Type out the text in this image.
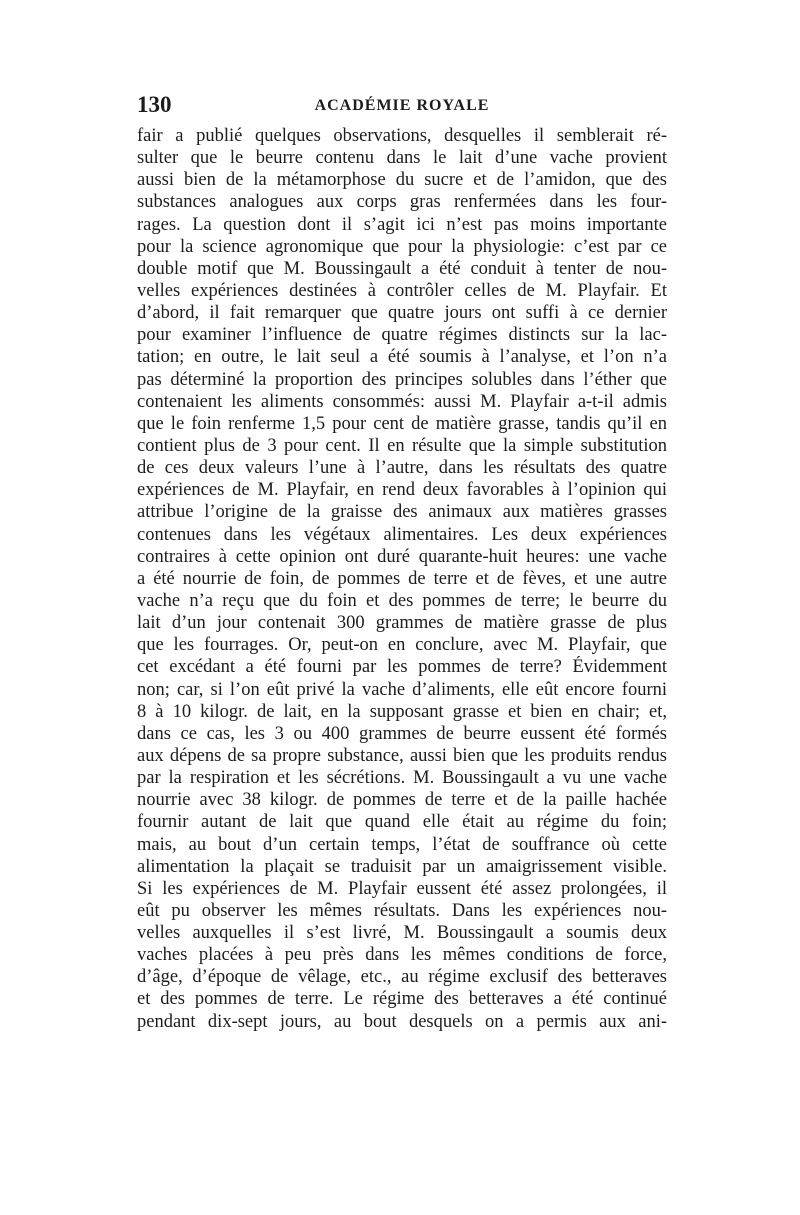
130	ACADÉMIE ROYALE
fair a publié quelques observations, desquelles il semblerait ré-
sulter que le beurre contenu dans le lait d’une vache provient
aussi bien de la métamorphose du sucre et de l’amidon, que des
substances analogues aux corps gras renfermées dans les four-
rages. La question dont il s’agit ici n’est pas moins importante
pour la science agronomique que pour la physiologie: c’est par ce
double motif que M. Boussingault a été conduit à tenter de nou-
velles expériences destinées à contrôler celles de M. Playfair. Et
d’abord, il fait remarquer que quatre jours ont suffi à ce dernier
pour examiner l’influence de quatre régimes distincts sur la lac-
tation; en outre, le lait seul a été soumis à l’analyse, et l’on n’a
pas déterminé la proportion des principes solubles dans l’éther que
contenaient les aliments consommés: aussi M. Playfair a-t-il admis
que le foin renferme 1,5 pour cent de matière grasse, tandis qu’il en
contient plus de 3 pour cent. Il en résulte que la simple substitution
de ces deux valeurs l’une à l’autre, dans les résultats des quatre
expériences de M. Playfair, en rend deux favorables à l’opinion qui
attribue l’origine de la graisse des animaux aux matières grasses
contenues dans les végétaux alimentaires. Les deux expériences
contraires à cette opinion ont duré quarante-huit heures: une vache
a été nourrie de foin, de pommes de terre et de fèves, et une autre
vache n’a reçu que du foin et des pommes de terre; le beurre du
lait d’un jour contenait 300 grammes de matière grasse de plus
que les fourrages. Or, peut-on en conclure, avec M. Playfair, que
cet excédant a été fourni par les pommes de terre? Évidemment
non; car, si l’on eût privé la vache d’aliments, elle eût encore fourni
8 à 10 kilogr. de lait, en la supposant grasse et bien en chair; et,
dans ce cas, les 3 ou 400 grammes de beurre eussent été formés
aux dépens de sa propre substance, aussi bien que les produits rendus
par la respiration et les sécrétions. M. Boussingault a vu une vache
nourrie avec 38 kilogr. de pommes de terre et de la paille hachée
fournir autant de lait que quand elle était au régime du foin;
mais, au bout d’un certain temps, l’état de souffrance où cette
alimentation la plaçait se traduisit par un amaigrissement visible.
Si les expériences de M. Playfair eussent été assez prolongées, il
eût pu observer les mêmes résultats. Dans les expériences nou-
velles auxquelles il s’est livré, M. Boussingault a soumis deux
vaches placées à peu près dans les mêmes conditions de force,
d’âge, d’époque de vêlage, etc., au régime exclusif des betteraves
et des pommes de terre. Le régime des betteraves a été continué
pendant dix-sept jours, au bout desquels on a permis aux ani-
